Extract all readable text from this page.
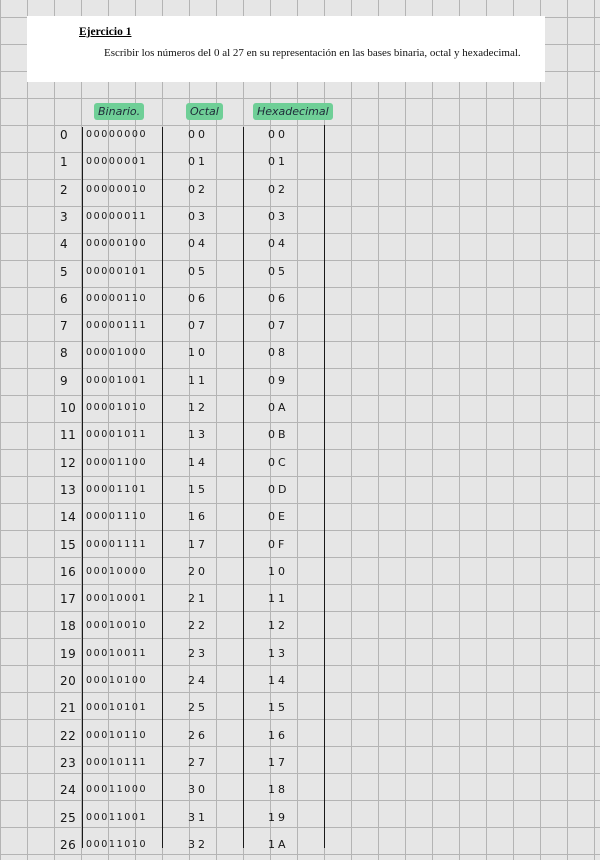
Ejercicio 1

Escribir los números del 0 al 27 en su representación en las bases binaria, octal y hexadecimal.

Binario.	Octal	Hexadecimal
0 00000000	00	00
1 00000001	01	01
2 00000010	02	02
3 00000011	03	03
4 00000100	04	04
5 00000101	05	05
6 00000110	06	06
7 00000111	07	07
8 00001000	10	08
9 00001001	11	09
10 00001010	12	0A
11 00001011	13	0B
12 00001100	14	0C
13 00001101	15	0D
14 00001110	16	0E
15 00001111	17	0F
16 00010000	20	10
17 00010001	21	11
18 00010010	22	12
19 00010011	23	13
20 00010100	24	14
21 00010101	25	15
22 00010110	26	16
23 00010111	27	17
24 00011000	30	18
25 00011001	31	19
26 00011010	32	1A
